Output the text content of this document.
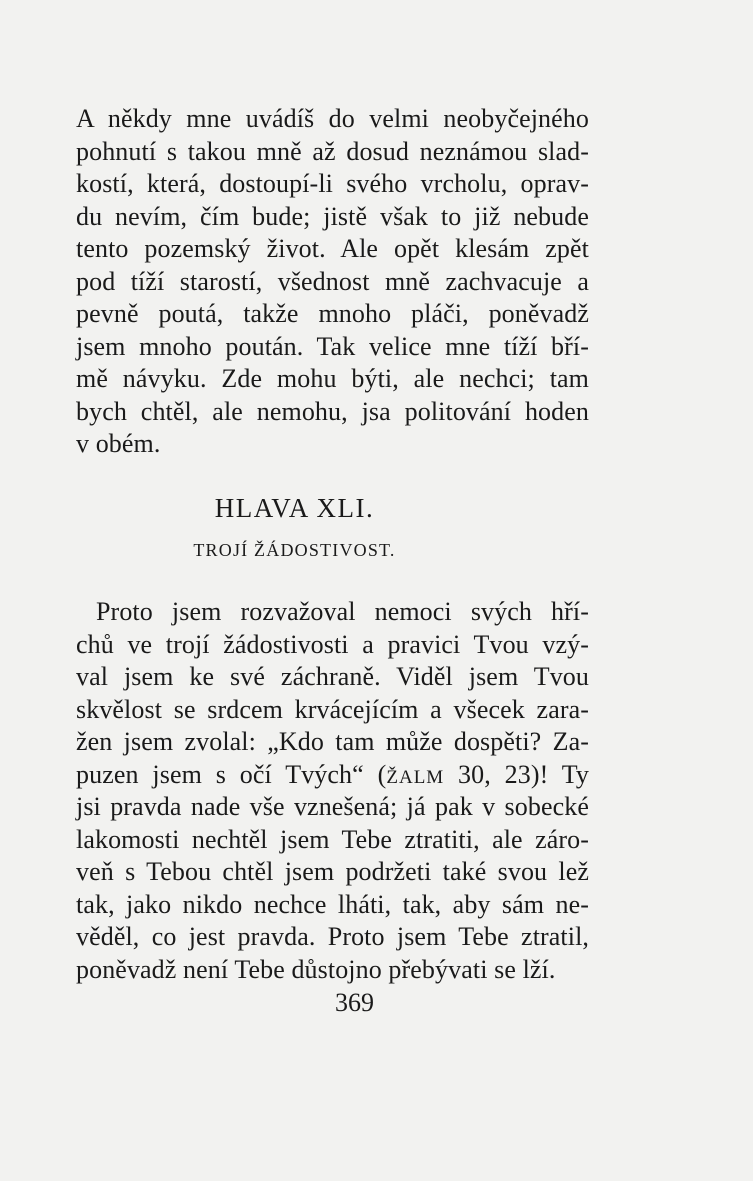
A někdy mne uvádíš do velmi neobyčejného
pohnutí s takou mně až dosud neznámou slad-
kostí, která, dostoupí-li svého vrcholu, oprav-
du nevím, čím bude; jistě však to již nebude
tento pozemský život. Ale opět klesám zpět
pod tíží starostí, všednost mně zachvacuje a
pevně poutá, takže mnoho pláči, poněvadž
jsem mnoho poután. Tak velice mne tíží bří-
mě návyku. Zde mohu býti, ale nechci; tam
bych chtěl, ale nemohu, jsa politování hoden
v obém.
HLAVA XLI.
TROJÍ ŽÁDOSTIVOST.
Proto jsem rozvažoval nemoci svých hří-
chů ve trojí žádostivosti a pravici Tvou vzý-
val jsem ke své záchraně. Viděl jsem Tvou
skvělost se srdcem krvácejícím a všecek zara-
žen jsem zvolal: „Kdo tam může dospěti? Za-
puzen jsem s očí Tvých“ (ŽALM 30, 23)! Ty
jsi pravda nade vše vznešená; já pak v sobecké
lakomosti nechtěl jsem Tebe ztratiti, ale záro-
veň s Tebou chtěl jsem podržeti také svou lež
tak, jako nikdo nechce lháti, tak, aby sám ne-
věděl, co jest pravda. Proto jsem Tebe ztratil,
poněvadž není Tebe důstojno přebývati se lží.
369
